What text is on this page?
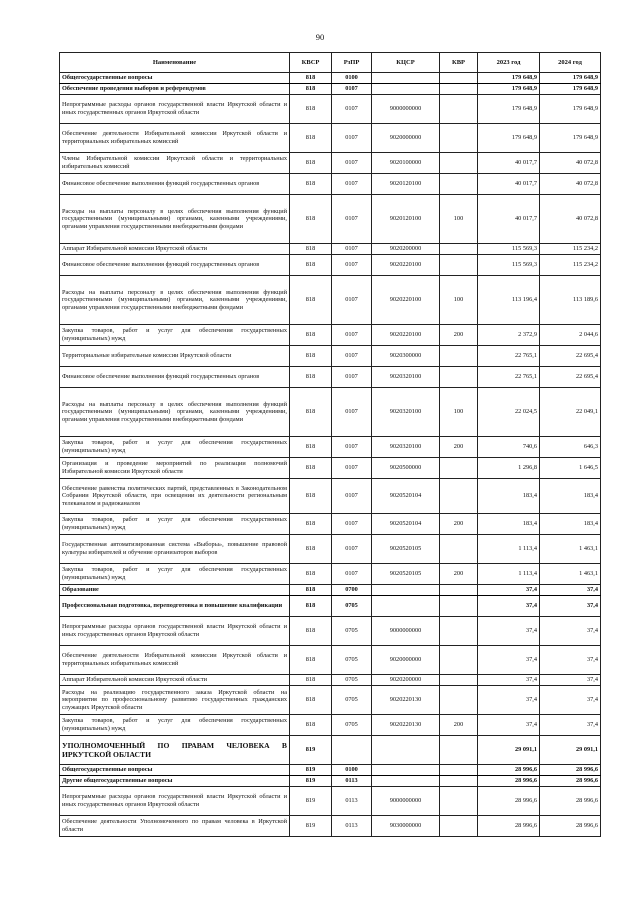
90
Наименование	КВСР	РзПР	КЦСР	КВР	2023 год	2024 год
Общегосударственные вопросы	818	0100			179 648,9	179 648,9
Обеспечение проведения выборов и референдумов	818	0107			179 648,9	179 648,9
Непрограммные расходы органов государственной власти Иркутской области и иных государственных органов Иркутской области	818	0107	9000000000		179 648,9	179 648,9
Обеспечение деятельности Избирательной комиссии Иркутской области и территориальных избирательных комиссий	818	0107	9020000000		179 648,9	179 648,9
Члены Избирательной комиссии Иркутской области и территориальных избирательных комиссий	818	0107	9020100000		40 017,7	40 072,8
Финансовое обеспечение выполнения функций государственных органов	818	0107	9020120100		40 017,7	40 072,8
Расходы на выплаты персоналу в целях обеспечения выполнения функций государственными (муниципальными) органами, казенными учреждениями, органами управления государственными внебюджетными фондами	818	0107	9020120100	100	40 017,7	40 072,8
Аппарат Избирательной комиссии Иркутской области	818	0107	9020200000		115 569,3	115 234,2
Финансовое обеспечение выполнения функций государственных органов	818	0107	9020220100		115 569,3	115 234,2
Расходы на выплаты персоналу в целях обеспечения выполнения функций государственными (муниципальными) органами, казенными учреждениями, органами управления государственными внебюджетными фондами	818	0107	9020220100	100	113 196,4	113 189,6
Закупка товаров, работ и услуг для обеспечения государственных (муниципальных) нужд	818	0107	9020220100	200	2 372,9	2 044,6
Территориальные избирательные комиссии Иркутской области	818	0107	9020300000		22 765,1	22 695,4
Финансовое обеспечение выполнения функций государственных органов	818	0107	9020320100		22 765,1	22 695,4
Расходы на выплаты персоналу в целях обеспечения выполнения функций государственными (муниципальными) органами, казенными учреждениями, органами управления государственными внебюджетными фондами	818	0107	9020320100	100	22 024,5	22 049,1
Закупка товаров, работ и услуг для обеспечения государственных (муниципальных) нужд	818	0107	9020320100	200	740,6	646,3
Организация и проведение мероприятий по реализации полномочий Избирательной комиссии Иркутской области	818	0107	9020500000		1 296,8	1 646,5
Обеспечение равенства политических партий, представленных в Законодательном Собрании Иркутской области, при освещении их деятельности региональным телеканалом и радиоканалом	818	0107	9020520104		183,4	183,4
Закупка товаров, работ и услуг для обеспечения государственных (муниципальных) нужд	818	0107	9020520104	200	183,4	183,4
Государственная автоматизированная система «Выборы», повышение правовой культуры избирателей и обучение организаторов выборов	818	0107	9020520105		1 113,4	1 463,1
Закупка товаров, работ и услуг для обеспечения государственных (муниципальных) нужд	818	0107	9020520105	200	1 113,4	1 463,1
Образование	818	0700			37,4	37,4
Профессиональная подготовка, переподготовка и повышение квалификации	818	0705			37,4	37,4
Непрограммные расходы органов государственной власти Иркутской области и иных государственных органов Иркутской области	818	0705	9000000000		37,4	37,4
Обеспечение деятельности Избирательной комиссии Иркутской области и территориальных избирательных комиссий	818	0705	9020000000		37,4	37,4
Аппарат Избирательной комиссии Иркутской области	818	0705	9020200000		37,4	37,4
Расходы на реализацию государственного заказа Иркутской области на мероприятия по профессиональному развитию государственных гражданских служащих Иркутской области	818	0705	9020220130		37,4	37,4
Закупка товаров, работ и услуг для обеспечения государственных (муниципальных) нужд	818	0705	9020220130	200	37,4	37,4
УПОЛНОМОЧЕННЫЙ ПО ПРАВАМ ЧЕЛОВЕКА В ИРКУТСКОЙ ОБЛАСТИ	819				29 091,1	29 091,1
Общегосударственные вопросы	819	0100			28 996,6	28 996,6
Другие общегосударственные вопросы	819	0113			28 996,6	28 996,6
Непрограммные расходы органов государственной власти Иркутской области и иных государственных органов Иркутской области	819	0113	9000000000		28 996,6	28 996,6
Обеспечение деятельности Уполномоченного по правам человека в Иркутской области	819	0113	9030000000		28 996,6	28 996,6
